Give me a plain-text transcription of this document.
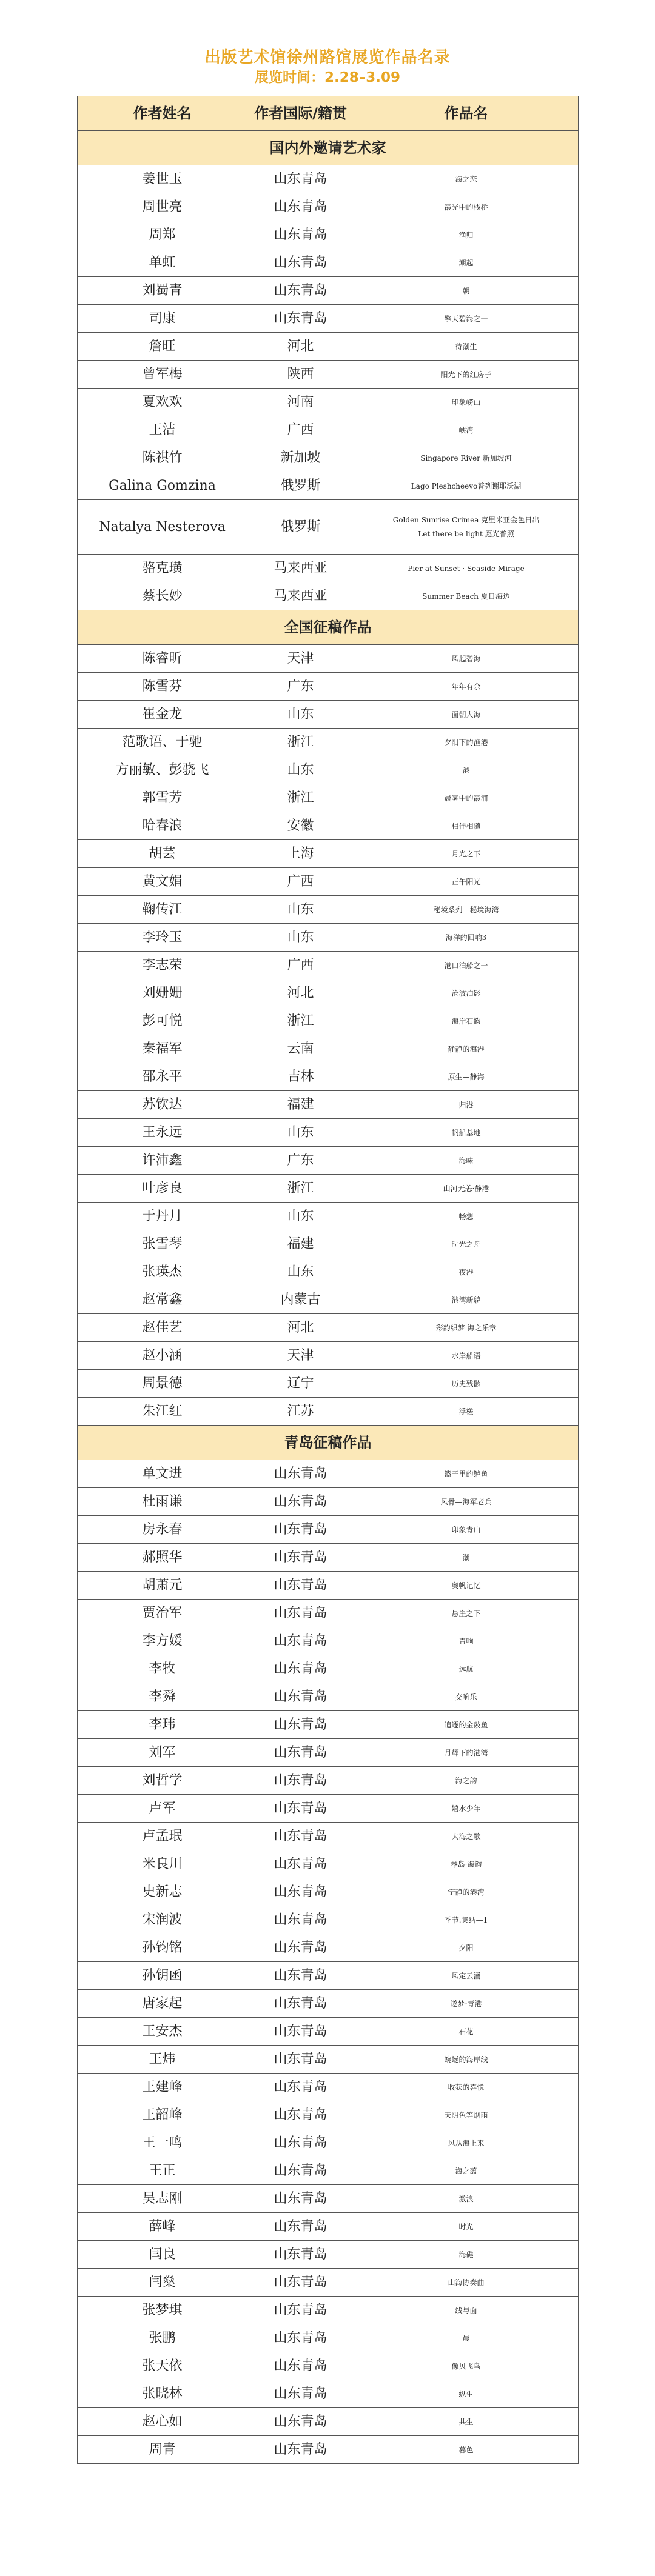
出版艺术馆徐州路馆展览作品名录
展览时间：2.28–3.09
作者姓名	作者国际/籍贯	作品名
国内外邀请艺术家		
姜世玉	山东青岛	海之恋

周世亮	山东青岛	霞光中的栈桥

周郑	山东青岛	渔归

单虹	山东青岛	潮起

刘蜀青	山东青岛	朝

司康	山东青岛	擎天碧海之一

詹旺	河北	待潮生

曾军梅	陕西	阳光下的红房子

夏欢欢	河南	印象崂山

王洁	广西	峡湾

陈祺竹	新加坡	Singapore River 新加坡河

Galina Gomzina	俄罗斯	Lago Pleshcheevo普列谢耶沃湖

Natalya Nesterova	俄罗斯	Golden Sunrise Crimea 克里米亚金色日出
Let there be light 愿光普照

骆克璜	马来西亚	Pier at Sunset · Seaside Mirage

蔡长妙	马来西亚	Summer Beach 夏日海边

全国征稿作品		
陈睿昕	天津	风起碧海

陈雪芬	广东	年年有余

崔金龙	山东	面朝大海

范歌语、于驰	浙江	夕阳下的渔港

方丽敏、彭骁飞	山东	港

郭雪芳	浙江	晨雾中的霞浦

哈春浪	安徽	相伴相随

胡芸	上海	月光之下

黄文娟	广西	正午阳光

鞠传江	山东	秘境系列—秘境海湾

李玲玉	山东	海洋的回响3

李志荣	广西	港口泊船之一

刘姗姗	河北	沧波泊影

彭可悦	浙江	海岸石韵

秦福军	云南	静静的海港

邵永平	吉林	原生—静海

苏钦达	福建	归港

王永远	山东	帆船基地

许沛鑫	广东	海味

叶彦良	浙江	山河无恙·静港

于丹月	山东	畅想

张雪琴	福建	时光之舟

张瑛杰	山东	夜港

赵常鑫	内蒙古	港湾新貌

赵佳艺	河北	彩韵织梦 海之乐章

赵小涵	天津	水岸船语

周景德	辽宁	历史残骸

朱江红	江苏	浮槎

青岛征稿作品		
单文进	山东青岛	篮子里的鲈鱼

杜雨谦	山东青岛	风骨—海军老兵

房永春	山东青岛	印象青山

郝照华	山东青岛	潮

胡萧元	山东青岛	奥帆记忆

贾治军	山东青岛	悬崖之下

李方媛	山东青岛	青响

李牧	山东青岛	远航

李舜	山东青岛	交响乐

李玮	山东青岛	追逐的金鼓鱼

刘军	山东青岛	月辉下的港湾

刘哲学	山东青岛	海之韵

卢军	山东青岛	嬉水少年

卢孟珉	山东青岛	大海之歌

米良川	山东青岛	琴岛·海韵

史新志	山东青岛	宁静的港湾

宋润波	山东青岛	季节.集结—1

孙钧铭	山东青岛	夕阳

孙钥函	山东青岛	风定云涌

唐家起	山东青岛	遂梦·青港

王安杰	山东青岛	石花

王炜	山东青岛	蜿蜒的海岸线

王建峰	山东青岛	收获的喜悦

王韶峰	山东青岛	天阴色等烟雨

王一鸣	山东青岛	风从海上来

王正	山东青岛	海之蕴

吴志刚	山东青岛	激浪

薛峰	山东青岛	时光

闫良	山东青岛	海礁

闫燊	山东青岛	山海协奏曲

张梦琪	山东青岛	线与面

张鹏	山东青岛	晨

张天依	山东青岛	像贝飞鸟

张晓林	山东青岛	纵生

赵心如	山东青岛	共生

周青	山东青岛	暮色
